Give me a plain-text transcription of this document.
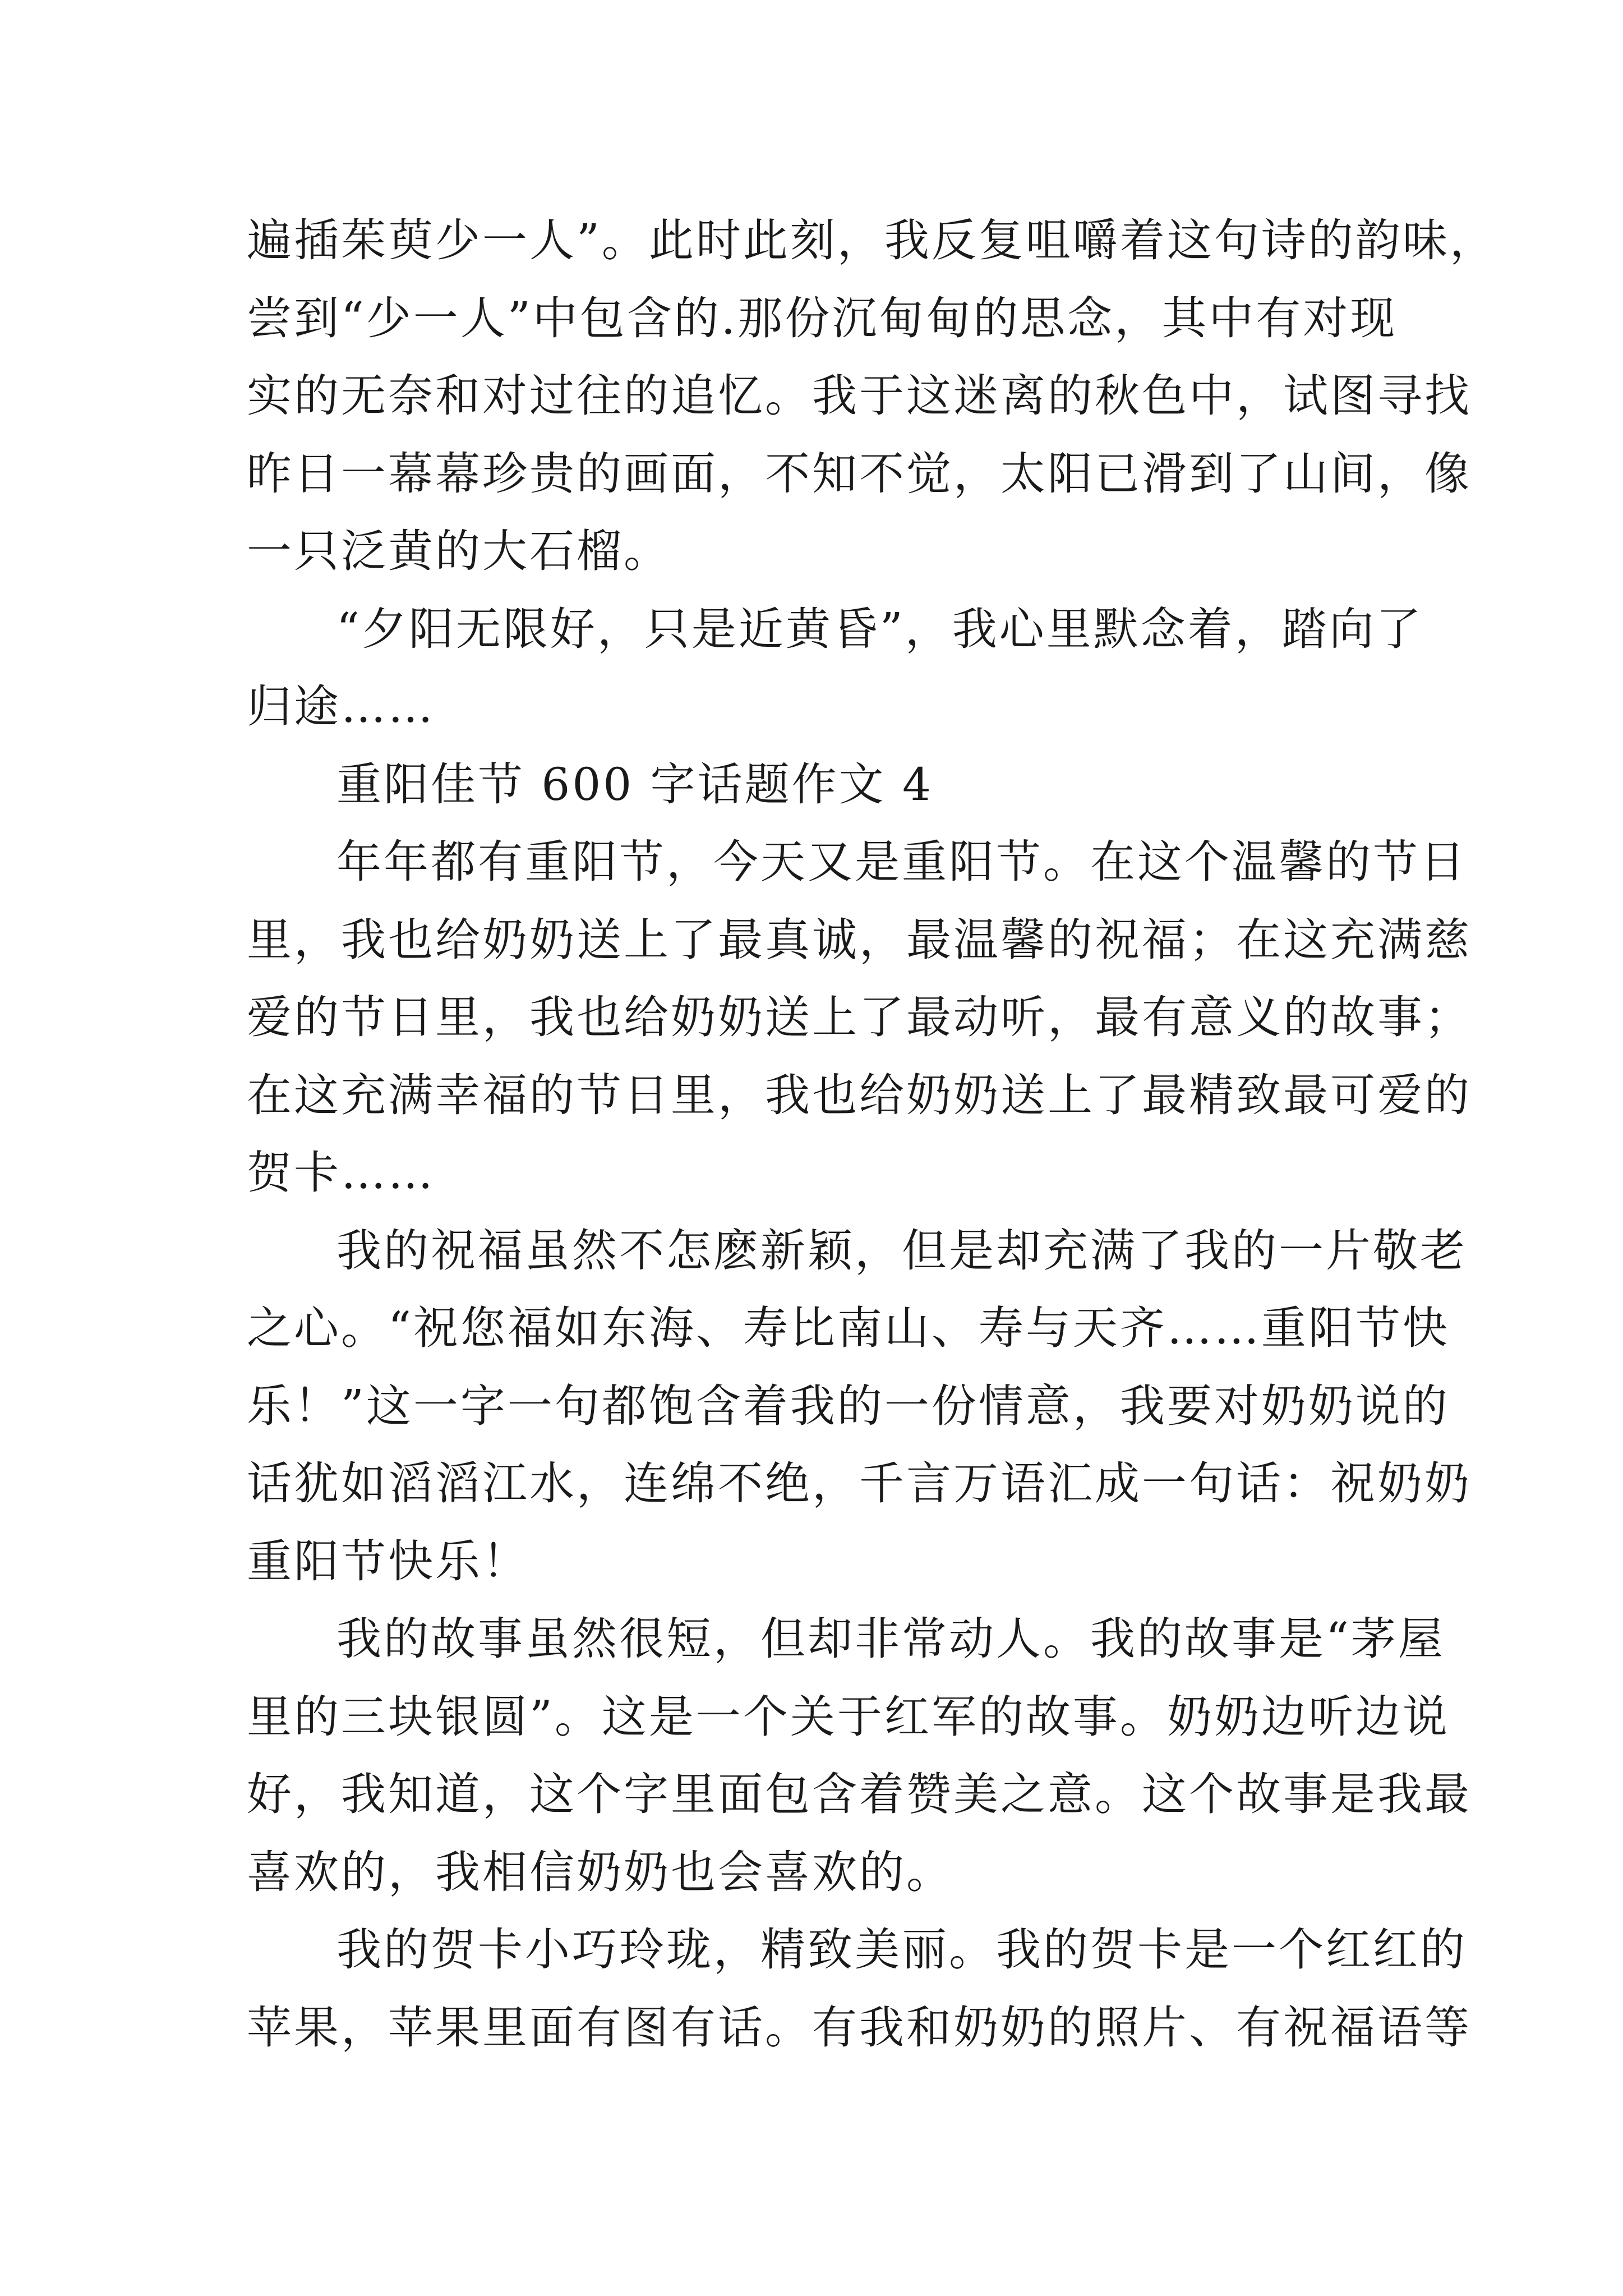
遍插茱萸少一人”。此时此刻，我反复咀嚼着这句诗的韵味，
尝到“少一人”中包含的.那份沉甸甸的思念，其中有对现
实的无奈和对过往的追忆。我于这迷离的秋色中，试图寻找
昨日一幕幕珍贵的画面，不知不觉，太阳已滑到了山间，像
一只泛黄的大石榴。
“夕阳无限好，只是近黄昏”，我心里默念着，踏向了
归途……
重阳佳节 600 字话题作文 4
年年都有重阳节，今天又是重阳节。在这个温馨的节日
里，我也给奶奶送上了最真诚，最温馨的祝福；在这充满慈
爱的节日里，我也给奶奶送上了最动听，最有意义的故事；
在这充满幸福的节日里，我也给奶奶送上了最精致最可爱的
贺卡……
我的祝福虽然不怎麽新颖，但是却充满了我的一片敬老
之心。“祝您福如东海、寿比南山、寿与天齐……重阳节快
乐！”这一字一句都饱含着我的一份情意，我要对奶奶说的
话犹如滔滔江水，连绵不绝，千言万语汇成一句话：祝奶奶
重阳节快乐！
我的故事虽然很短，但却非常动人。我的故事是“茅屋
里的三块银圆”。这是一个关于红军的故事。奶奶边听边说
好，我知道，这个字里面包含着赞美之意。这个故事是我最
喜欢的，我相信奶奶也会喜欢的。
我的贺卡小巧玲珑，精致美丽。我的贺卡是一个红红的
苹果，苹果里面有图有话。有我和奶奶的照片、有祝福语等
